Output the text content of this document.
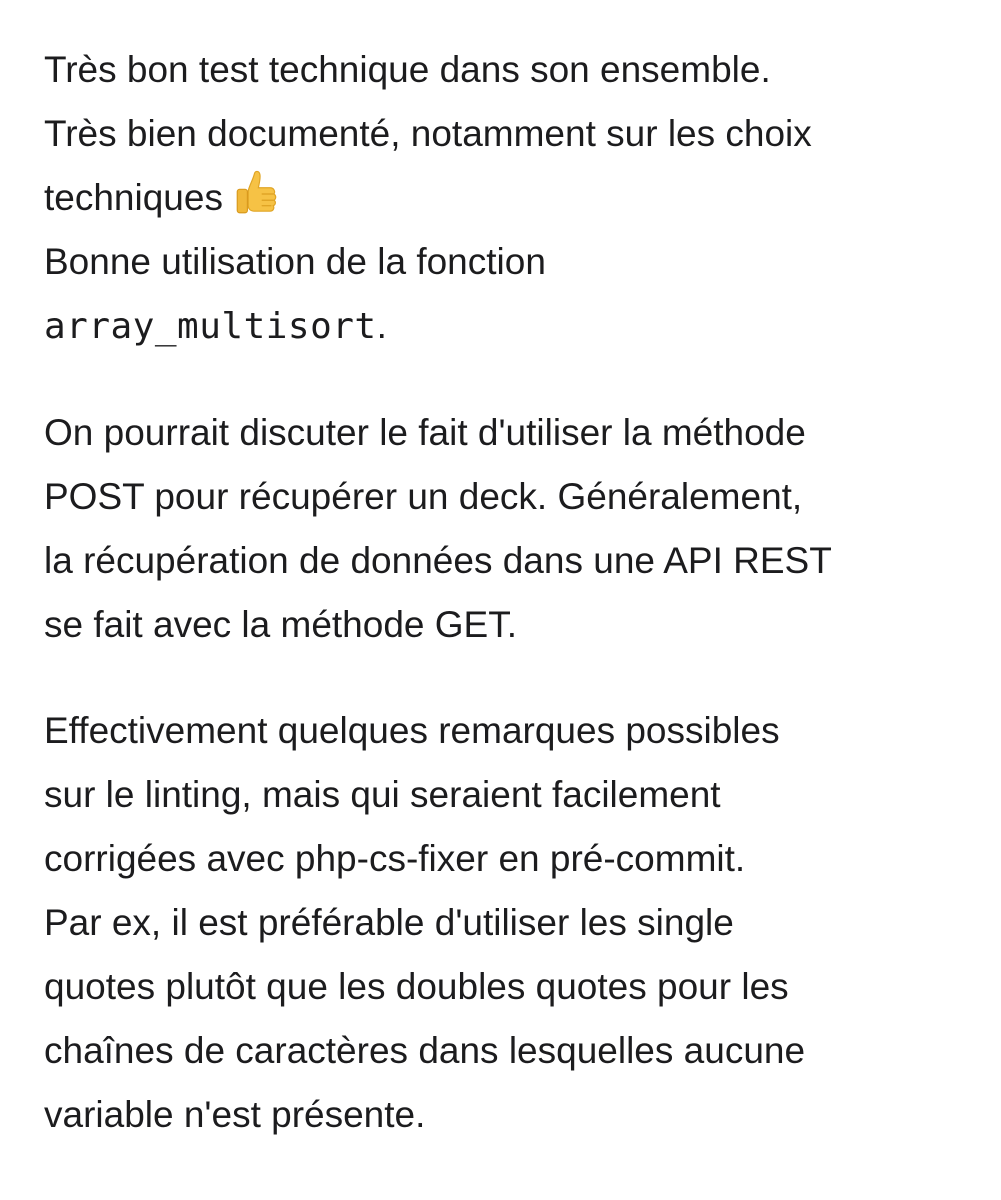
Très bon test technique dans son ensemble.
Très bien documenté, notamment sur les choix
techniques
Bonne utilisation de la fonction
array_multisort.

On pourrait discuter le fait d'utiliser la méthode
POST pour récupérer un deck. Généralement,
la récupération de données dans une API REST
se fait avec la méthode GET.

Effectivement quelques remarques possibles
sur le linting, mais qui seraient facilement
corrigées avec php-cs-fixer en pré-commit.
Par ex, il est préférable d'utiliser les single
quotes plutôt que les doubles quotes pour les
chaînes de caractères dans lesquelles aucune
variable n'est présente.
